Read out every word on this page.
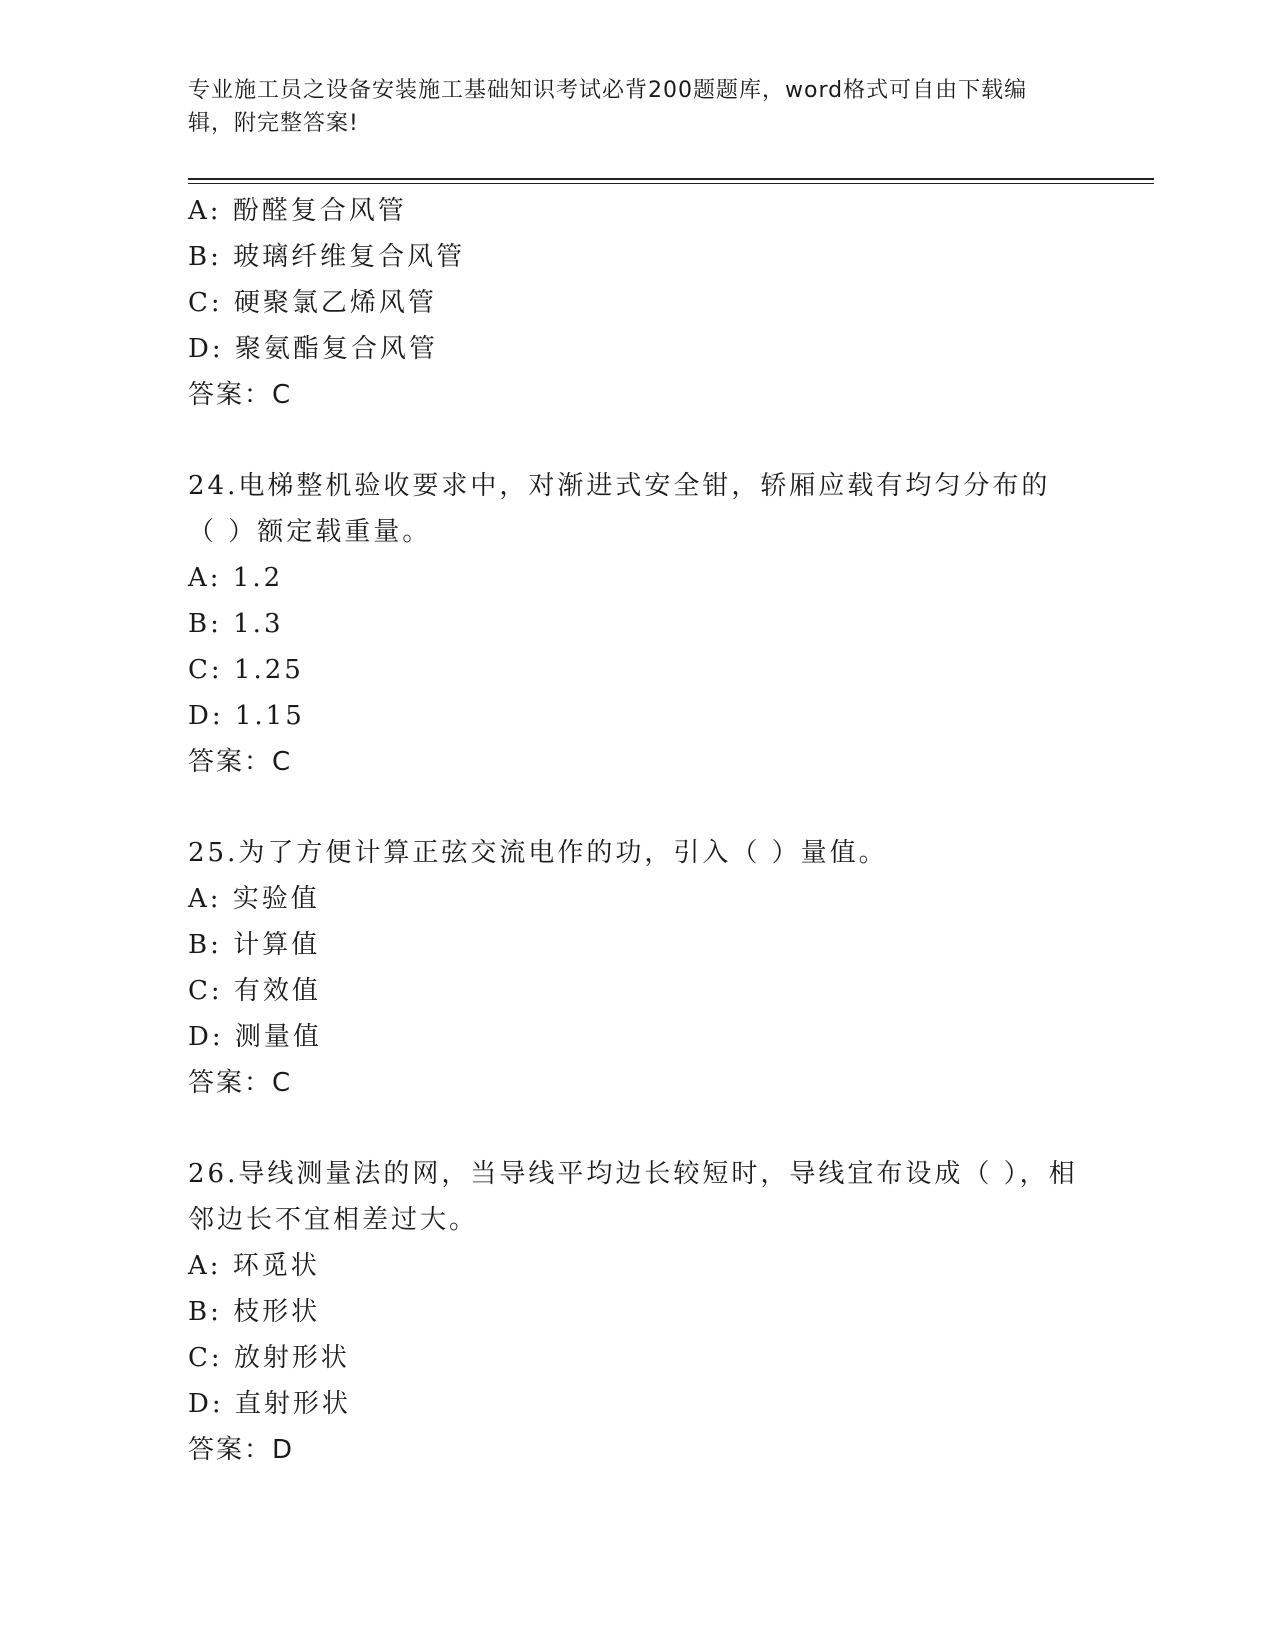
专业施工员之设备安装施工基础知识考试必背200题题库，word格式可自由下载编辑，附完整答案!
A: 酚醛复合风管
B: 玻璃纤维复合风管
C: 硬聚氯乙烯风管
D: 聚氨酯复合风管
答案：C
24.电梯整机验收要求中，对渐进式安全钳，轿厢应载有均匀分布的（ ）额定载重量。
A: 1.2
B: 1.3
C: 1.25
D: 1.15
答案：C
25.为了方便计算正弦交流电作的功，引入（ ）量值。
A: 实验值
B: 计算值
C: 有效值
D: 测量值
答案：C
26.导线测量法的网，当导线平均边长较短时，导线宜布设成（ ），相邻边长不宜相差过大。
A: 环觅状
B: 枝形状
C: 放射形状
D: 直射形状
答案：D
